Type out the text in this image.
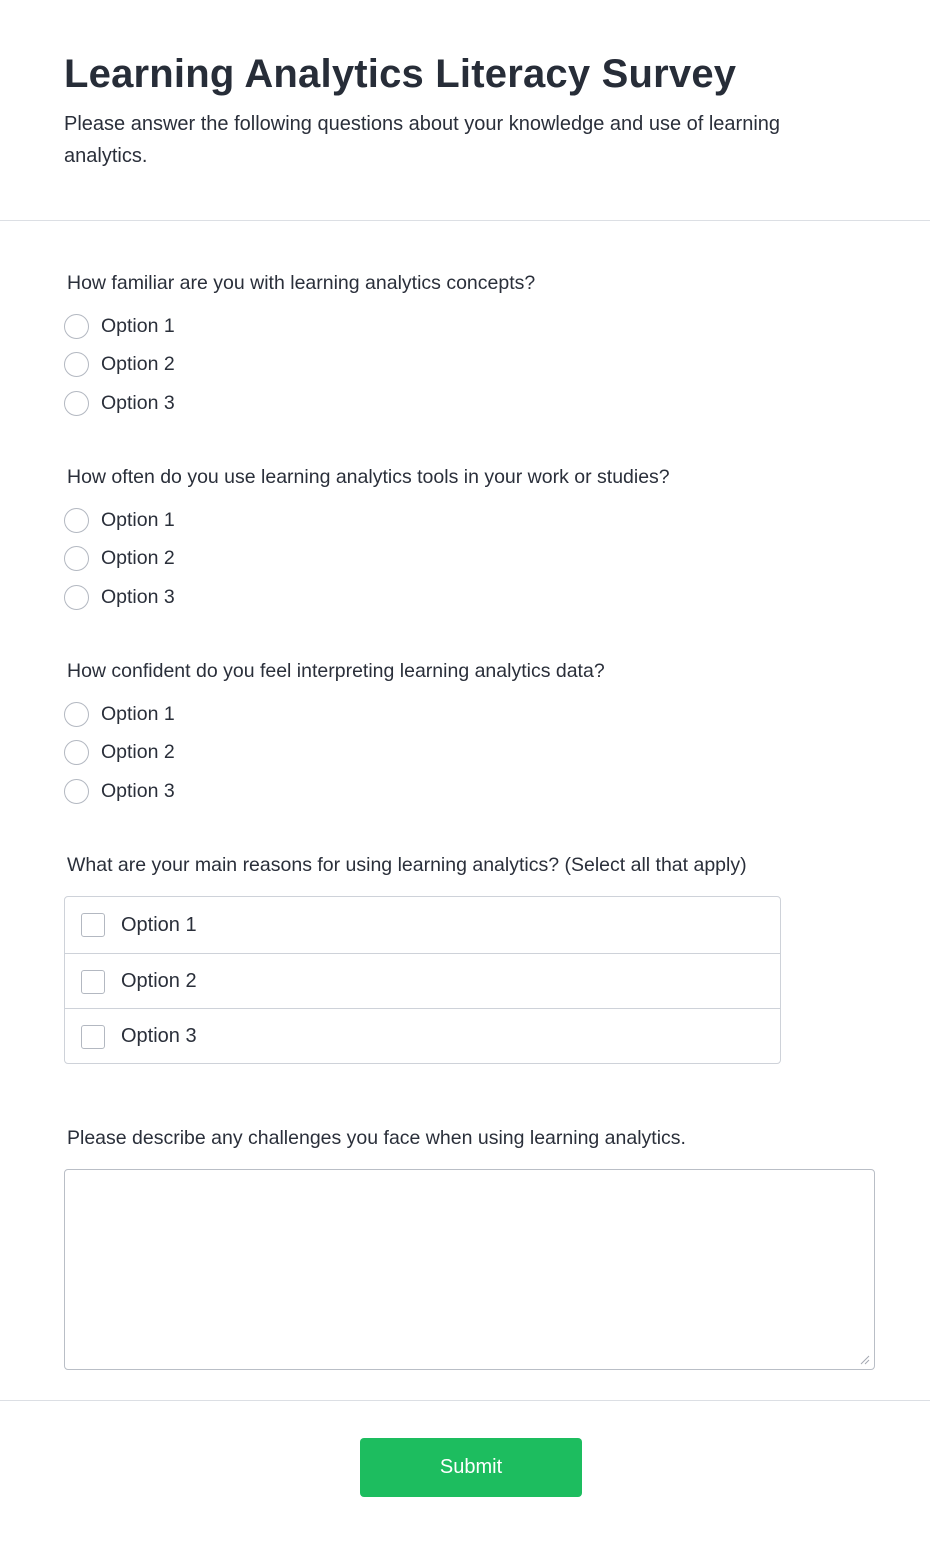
Learning Analytics Literacy Survey

Please answer the following questions about your knowledge and use of learning analytics.

How familiar are you with learning analytics concepts?
Option 1
Option 2
Option 3
How often do you use learning analytics tools in your work or studies?
Option 1
Option 2
Option 3
How confident do you feel interpreting learning analytics data?
Option 1
Option 2
Option 3
What are your main reasons for using learning analytics? (Select all that apply)
Option 1
Option 2
Option 3
Please describe any challenges you face when using learning analytics.
Submit
